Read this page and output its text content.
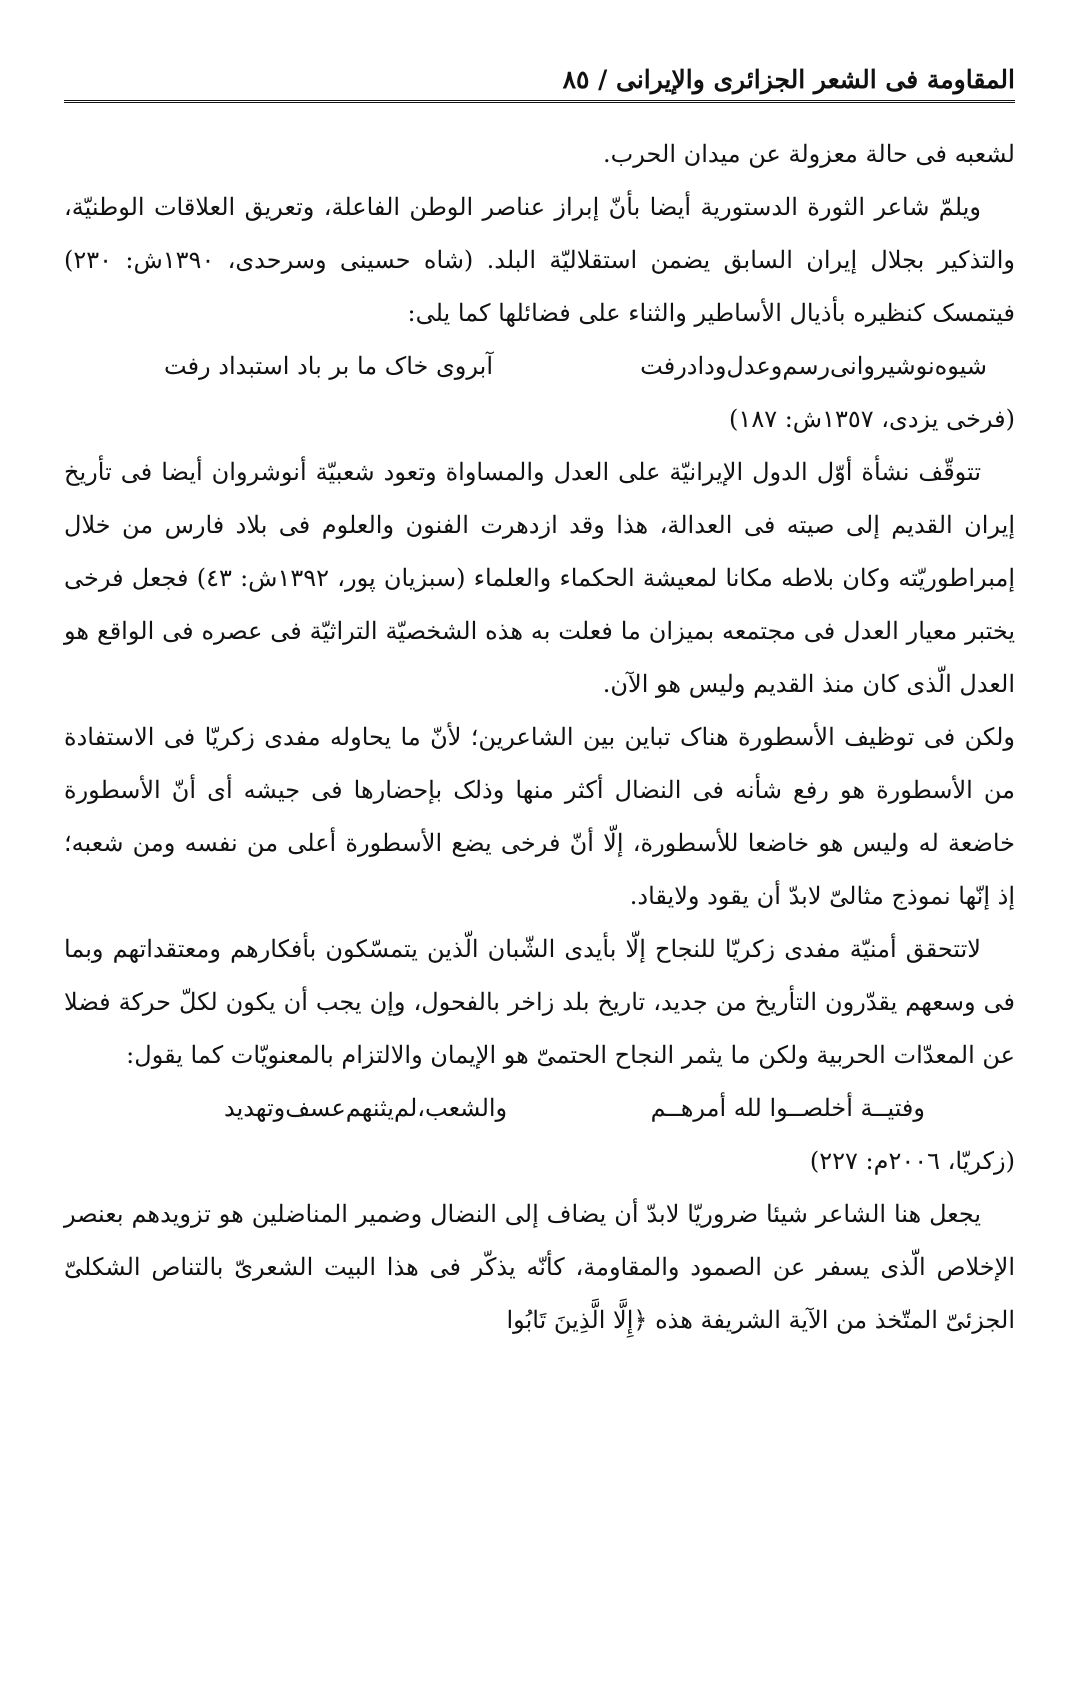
المقاومة فى الشعر الجزائرى والإيرانى / ٨٥

لشعبه فى حالة معزولة عن ميدان الحرب.

ويلمّ شاعر الثورة الدستورية أيضا بأنّ إبراز عناصر الوطن الفاعلة، وتعريق العلاقات الوطنيّة، والتذكير بجلال إيران السابق يضمن استقلاليّة البلد. (شاه حسينى وسرحدى، ١٣٩٠ش: ٢٣٠) فيتمسک كنظيره بأذيال الأساطير والثناء على فضائلها كما يلى:

شيوه‌نوشيروانى‌رسم‌وعدل‌ودادرفت
آبروى خاک ما بر باد استبداد رفت

(فرخى يزدى، ١٣٥٧ش: ١٨٧)

تتوقّف نشأة أوّل الدول الإيرانيّة على العدل والمساواة وتعود شعبيّة أنوشروان أيضا فى تأريخ إيران القديم إلى صيته فى العدالة، هذا وقد ازدهرت الفنون والعلوم فى بلاد فارس من خلال إمبراطوريّته وكان بلاطه مكانا لمعيشة الحكماء والعلماء (سبزيان پور، ١٣٩٢ش: ٤٣) فجعل فرخى يختبر معيار العدل فى مجتمعه بميزان ما فعلت به هذه الشخصيّة التراثيّة فى عصره فى الواقع هو العدل الّذى كان منذ القديم وليس هو الآن.

ولكن فى توظيف الأسطورة هناک تباين بين الشاعرين؛ لأنّ ما يحاوله مفدى زكريّا فى الاستفادة من الأسطورة هو رفع شأنه فى النضال أكثر منها وذلک بإحضارها فى جيشه أى أنّ الأسطورة خاضعة له وليس هو خاضعا للأسطورة، إلّا أنّ فرخى يضع الأسطورة أعلى من نفسه ومن شعبه؛ إذ إنّها نموذج مثالىّ لابدّ أن يقود ولايقاد.

لاتتحقق أمنيّة مفدى زكريّا للنجاح إلّا بأيدى الشّبان الّذين يتمسّكون بأفكارهم ومعتقداتهم وبما فى وسعهم يقدّرون التأريخ من جديد، تاريخ بلد زاخر بالفحول، وإن يجب أن يكون لكلّ حركة فضلا عن المعدّات الحربية ولكن ما يثمر النجاح الحتمىّ هو الإيمان والالتزام بالمعنويّات كما يقول:

وفتيــة أخلصــوا لله أمرهــم
والشعب،لم‌يثنهم‌عسف‌وتهديد

(زكريّا، ٢٠٠٦م: ٢٢٧)

يجعل هنا الشاعر شيئا ضروريّا لابدّ أن يضاف إلى النضال وضمير المناضلين هو تزويدهم بعنصر الإخلاص الّذى يسفر عن الصمود والمقاومة، كأنّه يذكّر فى هذا البيت الشعرىّ بالتناص الشكلىّ الجزئىّ المتّخذ من الآية الشريفة هذه ﴿إِلَّا الَّذِينَ تَابُوا
